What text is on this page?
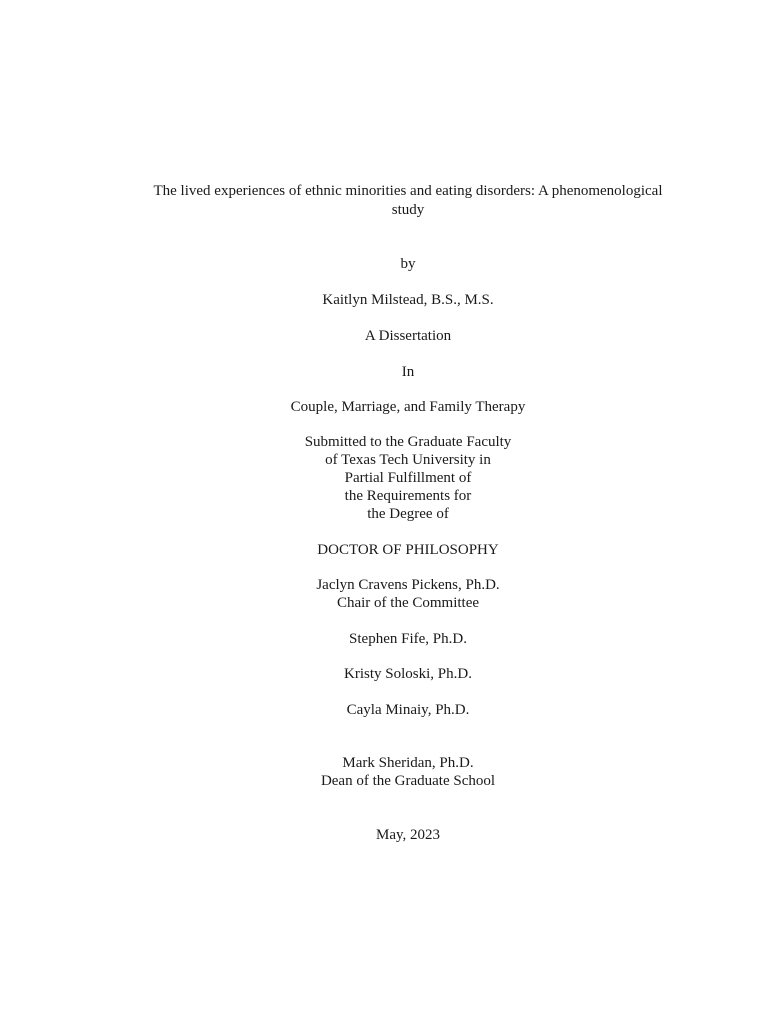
The lived experiences of ethnic minorities and eating disorders: A phenomenological study
by
Kaitlyn Milstead, B.S., M.S.
A Dissertation
In
Couple, Marriage, and Family Therapy
Submitted to the Graduate Faculty
of Texas Tech University in
Partial Fulfillment of
the Requirements for
the Degree of
DOCTOR OF PHILOSOPHY
Jaclyn Cravens Pickens, Ph.D.
Chair of the Committee
Stephen Fife, Ph.D.
Kristy Soloski, Ph.D.
Cayla Minaiy, Ph.D.
Mark Sheridan, Ph.D.
Dean of the Graduate School
May, 2023
